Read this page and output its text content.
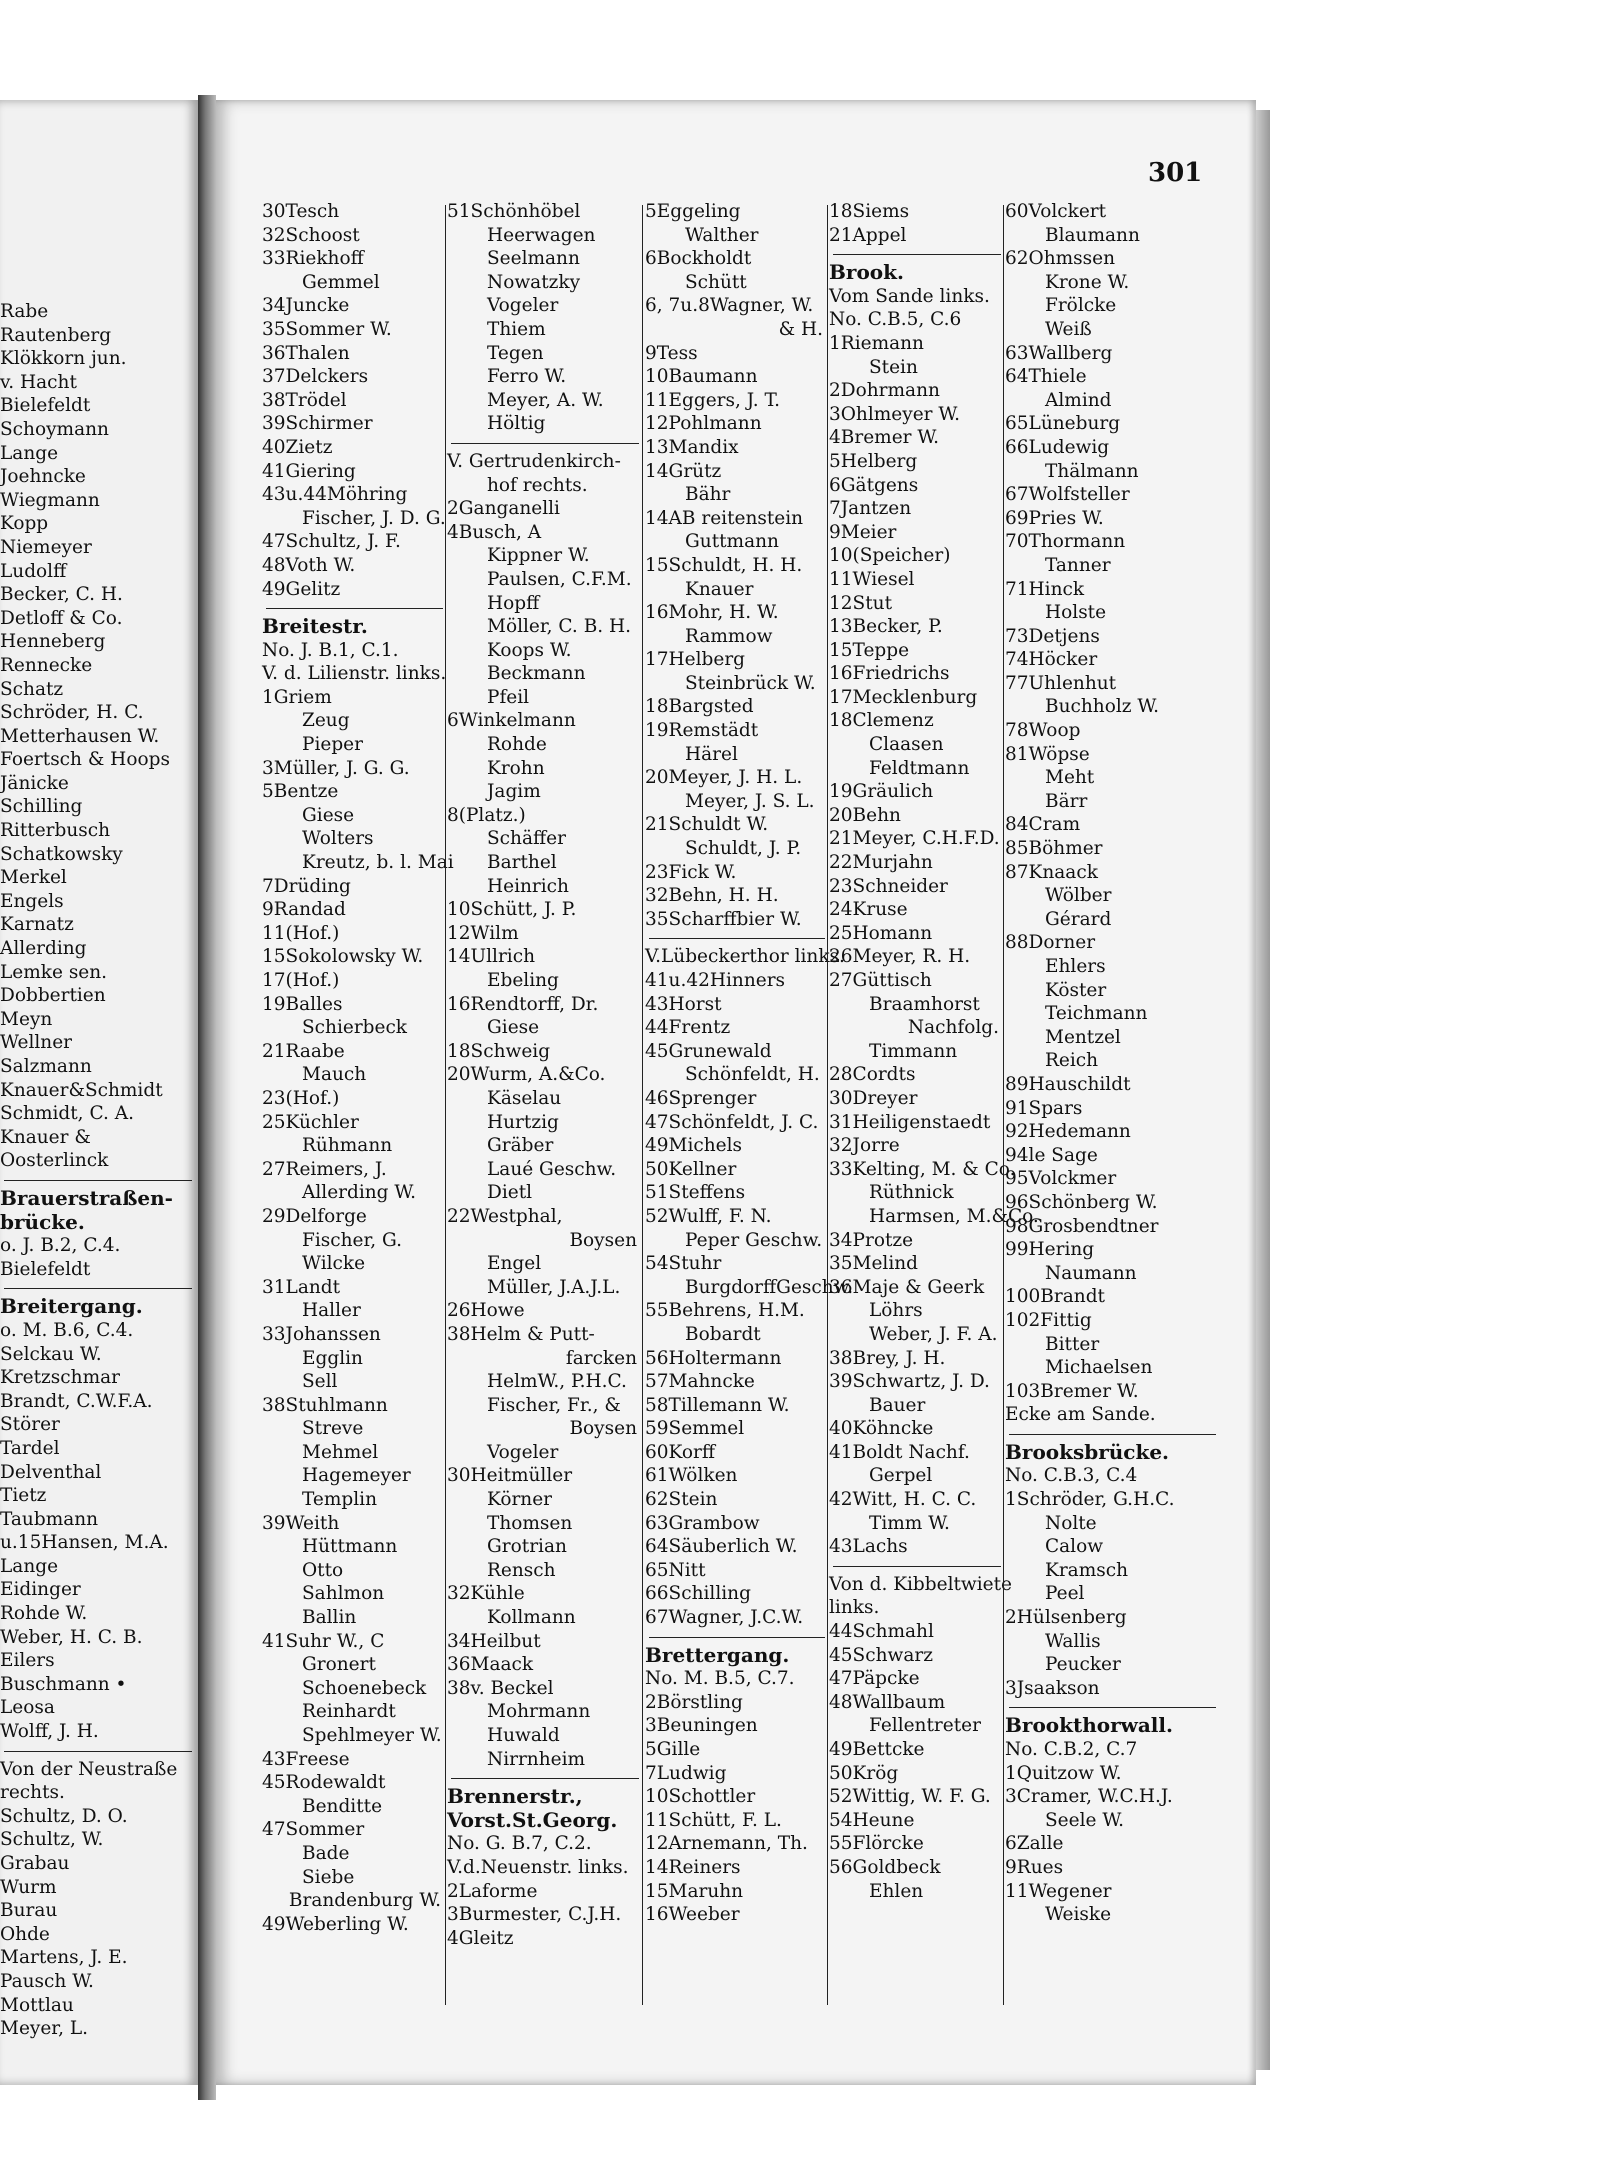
Rabe
Rautenberg
Klökkorn jun.
v. Hacht
Bielefeldt
Schoymann
Lange
Joehncke
Wiegmann
Kopp
Niemeyer
Ludolff
Becker, C. H.
Detloff & Co.
Henneberg
Rennecke
Schatz
Schröder, H. C.
Metterhausen W.
Foertsch & Hoops
Jänicke
Schilling
Ritterbusch
Schatkowsky
Merkel
Engels
Karnatz
Allerding
Lemke sen.
Dobbertien
Meyn
Wellner
Salzmann
Knauer&Schmidt
Schmidt, C. A.
Knauer &
Oosterlinck
Brauerstraßen-
brücke.
o. J. B.2, C.4.
Bielefeldt
Breitergang.
o. M. B.6, C.4.
Selckau W.
Kretzschmar
Brandt, C.W.F.A.
Störer
Tardel
Delventhal
Tietz
Taubmann
u.15Hansen, M.A.
Lange
Eidinger
Rohde W.
Weber, H. C. B.
Eilers
Buschmann •
Leosa
Wolff, J. H.
Von der Neustraße
rechts.
Schultz, D. O.
Schultz, W.
Grabau
Wurm
Burau
Ohde
Martens, J. E.
Pausch W.
Mottlau
Meyer, L.
301
30Tesch
32Schoost
33Riekhoff
Gemmel
34Juncke
35Sommer W.
36Thalen
37Delckers
38Trödel
39Schirmer
40Zietz
41Giering
43u.44Möhring
Fischer, J. D. G.
47Schultz, J. F.
48Voth W.
49Gelitz
Breitestr.
No. J. B.1, C.1.
V. d. Lilienstr. links.
1Griem
Zeug
Pieper
3Müller, J. G. G.
5Bentze
Giese
Wolters
Kreutz, b. l. Mai
7Drüding
9Randad
11(Hof.)
15Sokolowsky W.
17(Hof.)
19Balles
Schierbeck
21Raabe
Mauch
23(Hof.)
25Küchler
Rühmann
27Reimers, J.
Allerding W.
29Delforge
Fischer, G.
Wilcke
31Landt
Haller
33Johanssen
Egglin
Sell
38Stuhlmann
Streve
Mehmel
Hagemeyer
Templin
39Weith
Hüttmann
Otto
Sahlmon
Ballin
41Suhr W., C
Gronert
Schoenebeck
Reinhardt
Spehlmeyer W.
43Freese
45Rodewaldt
Benditte
47Sommer
Bade
Siebe
Brandenburg W.
49Weberling W.
51Schönhöbel
Heerwagen
Seelmann
Nowatzky
Vogeler
Thiem
Tegen
Ferro W.
Meyer, A. W.
Höltig
V. Gertrudenkirch-
hof rechts.
2Ganganelli
4Busch, A
Kippner W.
Paulsen, C.F.M.
Hopff
Möller, C. B. H.
Koops W.
Beckmann
Pfeil
6Winkelmann
Rohde
Krohn
Jagim
8(Platz.)
Schäffer
Barthel
Heinrich
10Schütt, J. P.
12Wilm
14Ullrich
Ebeling
16Rendtorff, Dr.
Giese
18Schweig
20Wurm, A.&Co.
Käselau
Hurtzig
Gräber
Laué Geschw.
Dietl
22Westphal,
Boysen
Engel
Müller, J.A.J.L.
26Howe
38Helm & Putt-
farcken
HelmW., P.H.C.
Fischer, Fr., &
Boysen
Vogeler
30Heitmüller
Körner
Thomsen
Grotrian
Rensch
32Kühle
Kollmann
34Heilbut
36Maack
38v. Beckel
Mohrmann
Huwald
Nirrnheim
Brennerstr.,
Vorst.St.Georg.
No. G. B.7, C.2.
V.d.Neuenstr. links.
2Laforme
3Burmester, C.J.H.
4Gleitz
5Eggeling
Walther
6Bockholdt
Schütt
6, 7u.8Wagner, W.
& H.
9Tess
10Baumann
11Eggers, J. T.
12Pohlmann
13Mandix
14Grütz
Bähr
14AB reitenstein
Guttmann
15Schuldt, H. H.
Knauer
16Mohr, H. W.
Rammow
17Helberg
Steinbrück W.
18Bargsted
19Remstädt
Härel
20Meyer, J. H. L.
Meyer, J. S. L.
21Schuldt W.
Schuldt, J. P.
23Fick W.
32Behn, H. H.
35Scharffbier W.
V.Lübeckerthor links.
41u.42Hinners
43Horst
44Frentz
45Grunewald
Schönfeldt, H.
46Sprenger
47Schönfeldt, J. C.
49Michels
50Kellner
51Steffens
52Wulff, F. N.
Peper Geschw.
54Stuhr
BurgdorffGeschw.
55Behrens, H.M.
Bobardt
56Holtermann
57Mahncke
58Tillemann W.
59Semmel
60Korff
61Wölken
62Stein
63Grambow
64Säuberlich W.
65Nitt
66Schilling
67Wagner, J.C.W.
Brettergang.
No. M. B.5, C.7.
2Börstling
3Beuningen
5Gille
7Ludwig
10Schottler
11Schütt, F. L.
12Arnemann, Th.
14Reiners
15Maruhn
16Weeber
18Siems
21Appel
Brook.
Vom Sande links.
No. C.B.5, C.6
1Riemann
Stein
2Dohrmann
3Ohlmeyer W.
4Bremer W.
5Helberg
6Gätgens
7Jantzen
9Meier
10(Speicher)
11Wiesel
12Stut
13Becker, P.
15Teppe
16Friedrichs
17Mecklenburg
18Clemenz
Claasen
Feldtmann
19Gräulich
20Behn
21Meyer, C.H.F.D.
22Murjahn
23Schneider
24Kruse
25Homann
26Meyer, R. H.
27Güttisch
Braamhorst
Nachfolg.
Timmann
28Cordts
30Dreyer
31Heiligenstaedt
32Jorre
33Kelting, M. & Co.
Rüthnick
Harmsen, M.&Co.
34Protze
35Melind
36Maje & Geerk
Löhrs
Weber, J. F. A.
38Brey, J. H.
39Schwartz, J. D.
Bauer
40Köhncke
41Boldt Nachf.
Gerpel
42Witt, H. C. C.
Timm W.
43Lachs
Von d. Kibbeltwiete
links.
44Schmahl
45Schwarz
47Päpcke
48Wallbaum
Fellentreter
49Bettcke
50Krög
52Wittig, W. F. G.
54Heune
55Flörcke
56Goldbeck
Ehlen
60Volckert
Blaumann
62Ohmssen
Krone W.
Frölcke
Weiß
63Wallberg
64Thiele
Almind
65Lüneburg
66Ludewig
Thälmann
67Wolfsteller
69Pries W.
70Thormann
Tanner
71Hinck
Holste
73Detjens
74Höcker
77Uhlenhut
Buchholz W.
78Woop
81Wöpse
Meht
Bärr
84Cram
85Böhmer
87Knaack
Wölber
Gérard
88Dorner
Ehlers
Köster
Teichmann
Mentzel
Reich
89Hauschildt
91Spars
92Hedemann
94le Sage
95Volckmer
96Schönberg W.
98Grosbendtner
99Hering
Naumann
100Brandt
102Fittig
Bitter
Michaelsen
103Bremer W.
Ecke am Sande.
Brooksbrücke.
No. C.B.3, C.4
1Schröder, G.H.C.
Nolte
Calow
Kramsch
Peel
2Hülsenberg
Wallis
Peucker
3Jsaakson
Brookthorwall.
No. C.B.2, C.7
1Quitzow W.
3Cramer, W.C.H.J.
Seele W.
6Zalle
9Rues
11Wegener
Weiske
